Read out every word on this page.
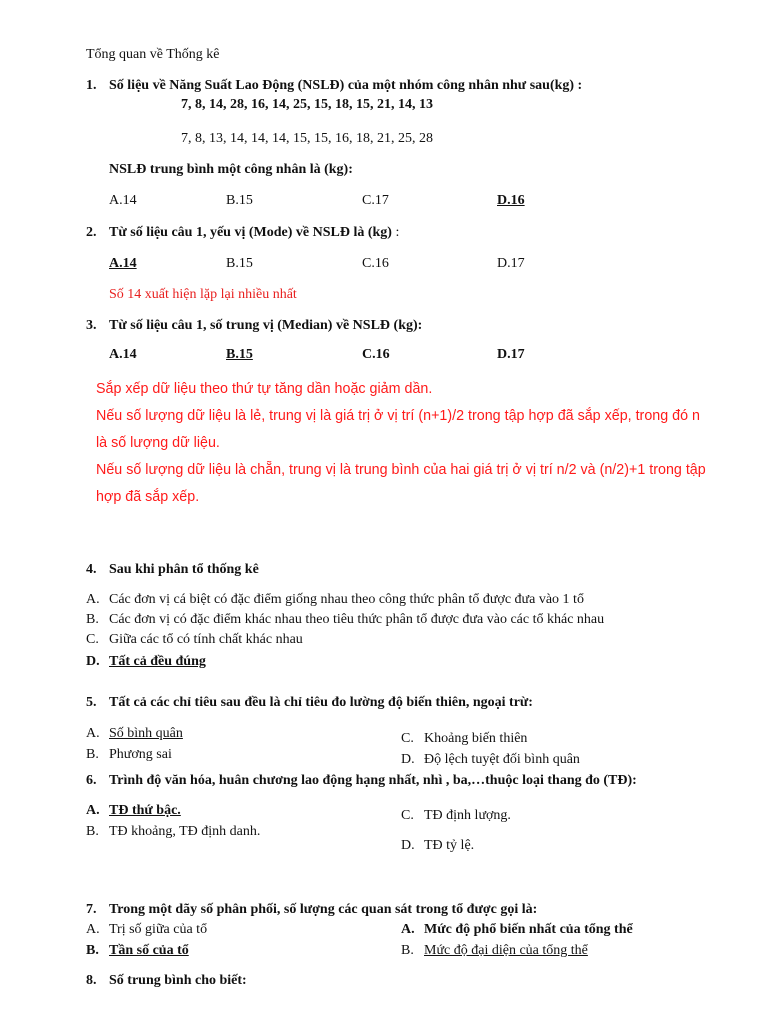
Tổng quan về Thống kê
1. Số liệu về Năng Suất Lao Động (NSLĐ) của một nhóm công nhân như sau(kg) :
7, 8, 14, 28, 16, 14, 25, 15, 18, 15, 21, 14, 13
7, 8, 13, 14, 14, 14, 15, 15, 16, 18, 21, 25, 28
NSLĐ trung bình một công nhân là (kg):
A.14	B.15	C.17	D.16
2. Từ số liệu câu 1, yếu vị (Mode) về NSLĐ là (kg) :
A.14	B.15	C.16	D.17
Số 14 xuất hiện lặp lại nhiều nhất
3. Từ số liệu câu 1, số trung vị (Median) về NSLĐ (kg):
A.14	B.15	C.16	D.17
Sắp xếp dữ liệu theo thứ tự tăng dần hoặc giảm dần.
Nếu số lượng dữ liệu là lẻ, trung vị là giá trị ở vị trí (n+1)/2 trong tập hợp đã sắp xếp, trong đó n
là số lượng dữ liệu.
Nếu số lượng dữ liệu là chẵn, trung vị là trung bình của hai giá trị ở vị trí n/2 và (n/2)+1 trong tập
hợp đã sắp xếp.
4. Sau khi phân tổ thống kê
A. Các đơn vị cá biệt có đặc điểm giống nhau theo công thức phân tổ được đưa vào 1 tổ
B. Các đơn vị có đặc điểm khác nhau theo tiêu thức phân tổ được đưa vào các tổ khác nhau
C. Giữa các tổ có tính chất khác nhau
D. Tất cả đều đúng
5. Tất cả các chỉ tiêu sau đều là chỉ tiêu đo lường độ biến thiên, ngoại trừ:
A. Số bình quân
B. Phương sai
C. Khoảng biến thiên
D. Độ lệch tuyệt đối bình quân
6. Trình độ văn hóa, huân chương lao động hạng nhất, nhì , ba,…thuộc loại thang đo (TĐ):
A. TĐ thứ bậc.
B. TĐ khoảng, TĐ định danh.
C. TĐ định lượng.
D. TĐ tỷ lệ.
7. Trong một dãy số phân phối, số lượng các quan sát trong tổ được gọi là:
A. Trị số giữa của tổ
B. Tần số của tổ
A. Mức độ phổ biến nhất của tổng thể
B. Mức độ đại diện của tổng thể
8. Số trung bình cho biết:
